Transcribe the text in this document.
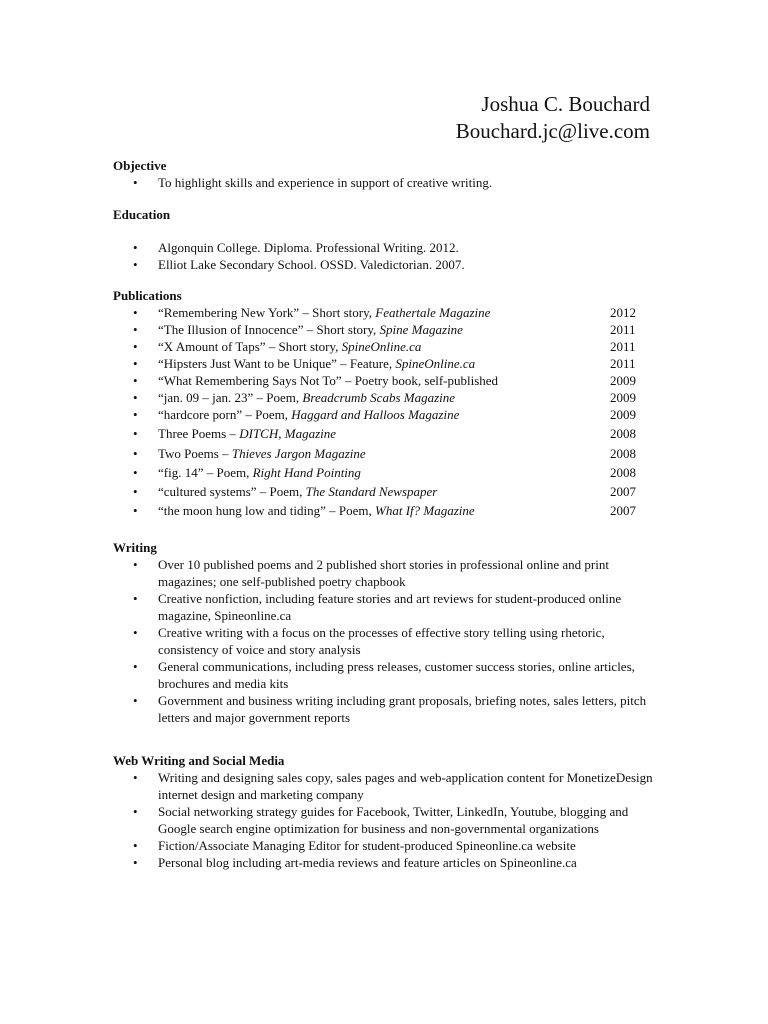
Joshua C. Bouchard
Bouchard.jc@live.com
Objective
• To highlight skills and experience in support of creative writing.
Education
• Algonquin College. Diploma. Professional Writing. 2012.
• Elliot Lake Secondary School. OSSD. Valedictorian. 2007.
Publications
• “Remembering New York” – Short story, Feathertale Magazine	2012
• “The Illusion of Innocence” – Short story, Spine Magazine	2011
• “X Amount of Taps” – Short story, SpineOnline.ca	2011
• “Hipsters Just Want to be Unique” – Feature, SpineOnline.ca	2011
• “What Remembering Says Not To” – Poetry book, self-published	2009
• “jan. 09 – jan. 23” – Poem, Breadcrumb Scabs Magazine	2009
• “hardcore porn” – Poem, Haggard and Halloos Magazine	2009
• Three Poems – DITCH, Magazine	2008
• Two Poems – Thieves Jargon Magazine	2008
• “fig. 14” – Poem, Right Hand Pointing	2008
• “cultured systems” – Poem, The Standard Newspaper	2007
• “the moon hung low and tiding” – Poem, What If? Magazine	2007
Writing
• Over 10 published poems and 2 published short stories in professional online and print magazines; one self-published poetry chapbook
• Creative nonfiction, including feature stories and art reviews for student-produced online magazine, Spineonline.ca
• Creative writing with a focus on the processes of effective story telling using rhetoric, consistency of voice and story analysis
• General communications, including press releases, customer success stories, online articles, brochures and media kits
• Government and business writing including grant proposals, briefing notes, sales letters, pitch letters and major government reports
Web Writing and Social Media
• Writing and designing sales copy, sales pages and web-application content for MonetizeDesign internet design and marketing company
• Social networking strategy guides for Facebook, Twitter, LinkedIn, Youtube, blogging and Google search engine optimization for business and non-governmental organizations
• Fiction/Associate Managing Editor for student-produced Spineonline.ca website
• Personal blog including art-media reviews and feature articles on Spineonline.ca
